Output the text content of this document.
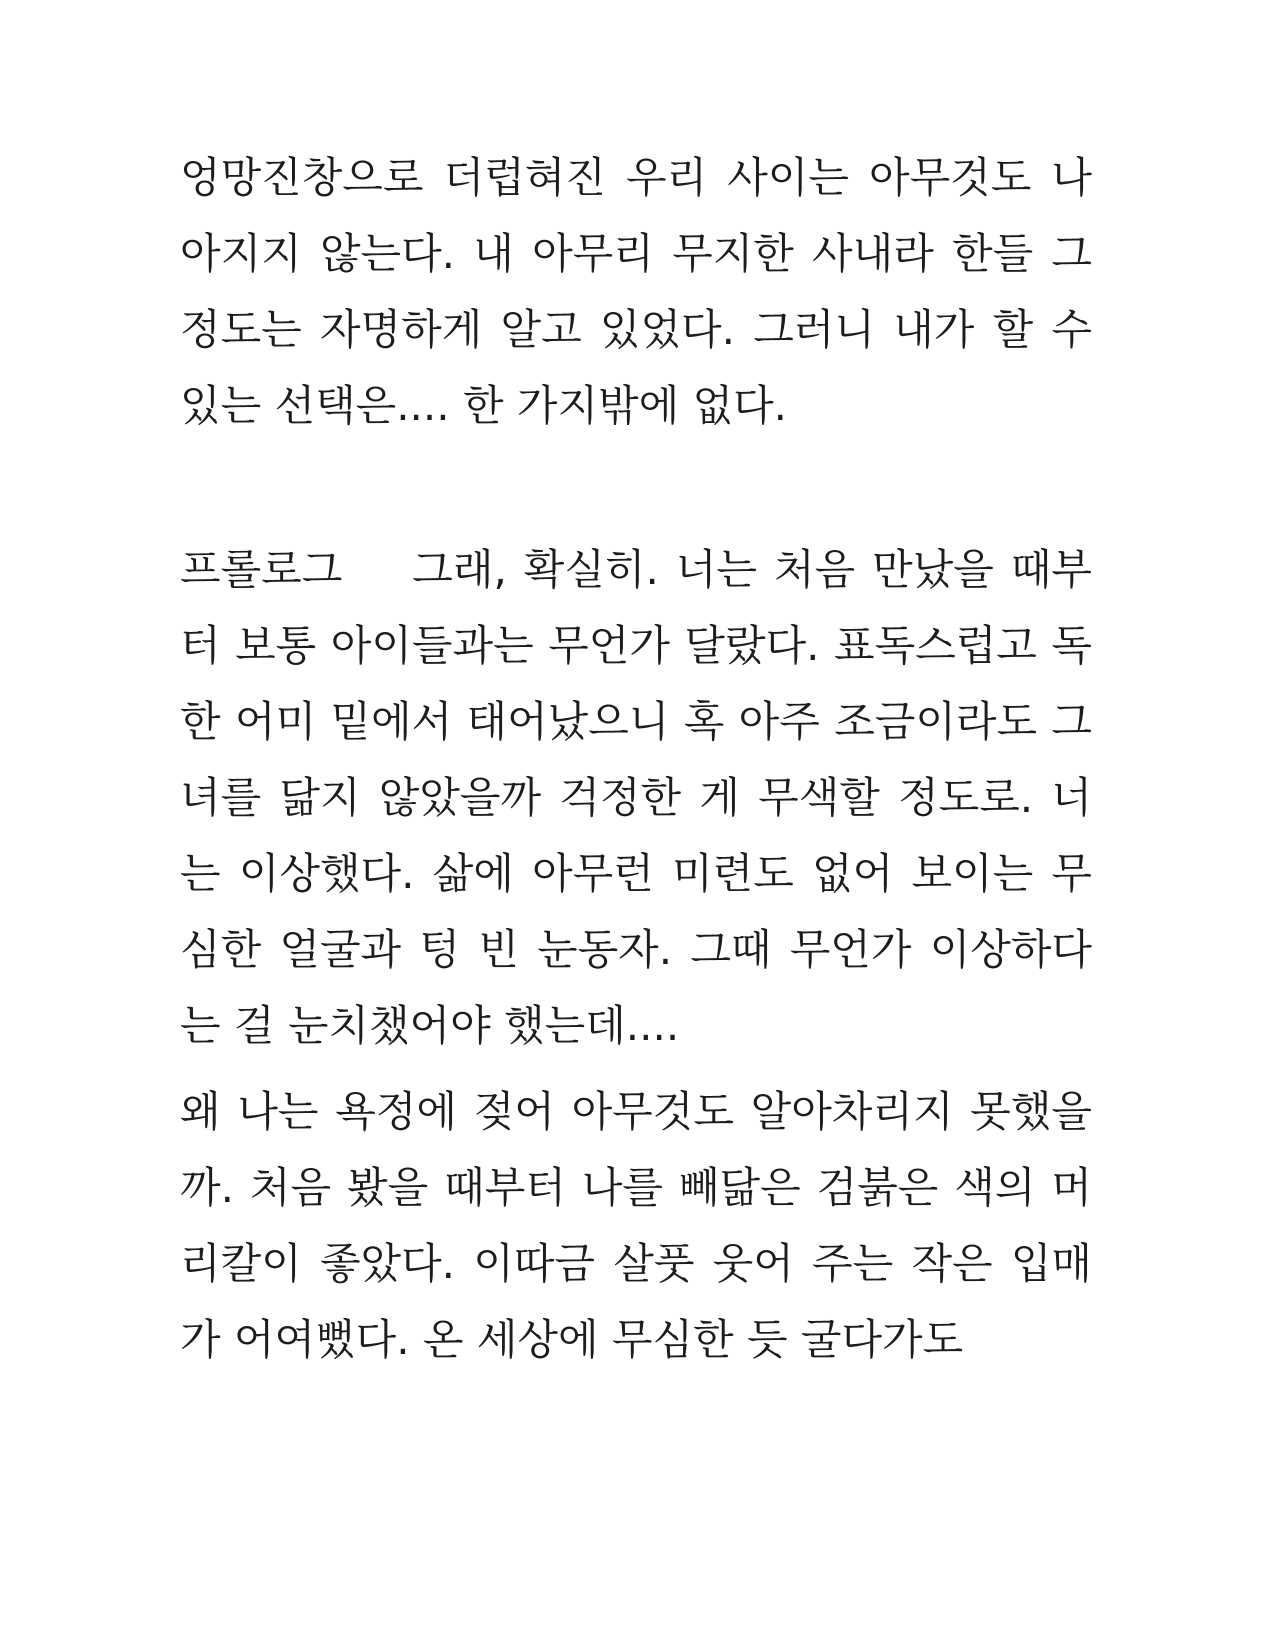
엉망진창으로 더럽혀진 우리 사이는 아무것도 나아지지 않는다. 내 아무리 무지한 사내라 한들 그 정도는 자명하게 알고 있었다. 그러니 내가 할 수 있는 선택은.... 한 가지밖에 없다.

프롤로그 그래, 확실히. 너는 처음 만났을 때부터 보통 아이들과는 무언가 달랐다. 표독스럽고 독한 어미 밑에서 태어났으니 혹 아주 조금이라도 그녀를 닮지 않았을까 걱정한 게 무색할 정도로. 너는 이상했다. 삶에 아무런 미련도 없어 보이는 무심한 얼굴과 텅 빈 눈동자. 그때 무언가 이상하다는 걸 눈치챘어야 했는데....

왜 나는 욕정에 젖어 아무것도 알아차리지 못했을까. 처음 봤을 때부터 나를 빼닮은 검붉은 색의 머리칼이 좋았다. 이따금 살풋 웃어 주는 작은 입매가 어여뻤다. 온 세상에 무심한 듯 굴다가도
